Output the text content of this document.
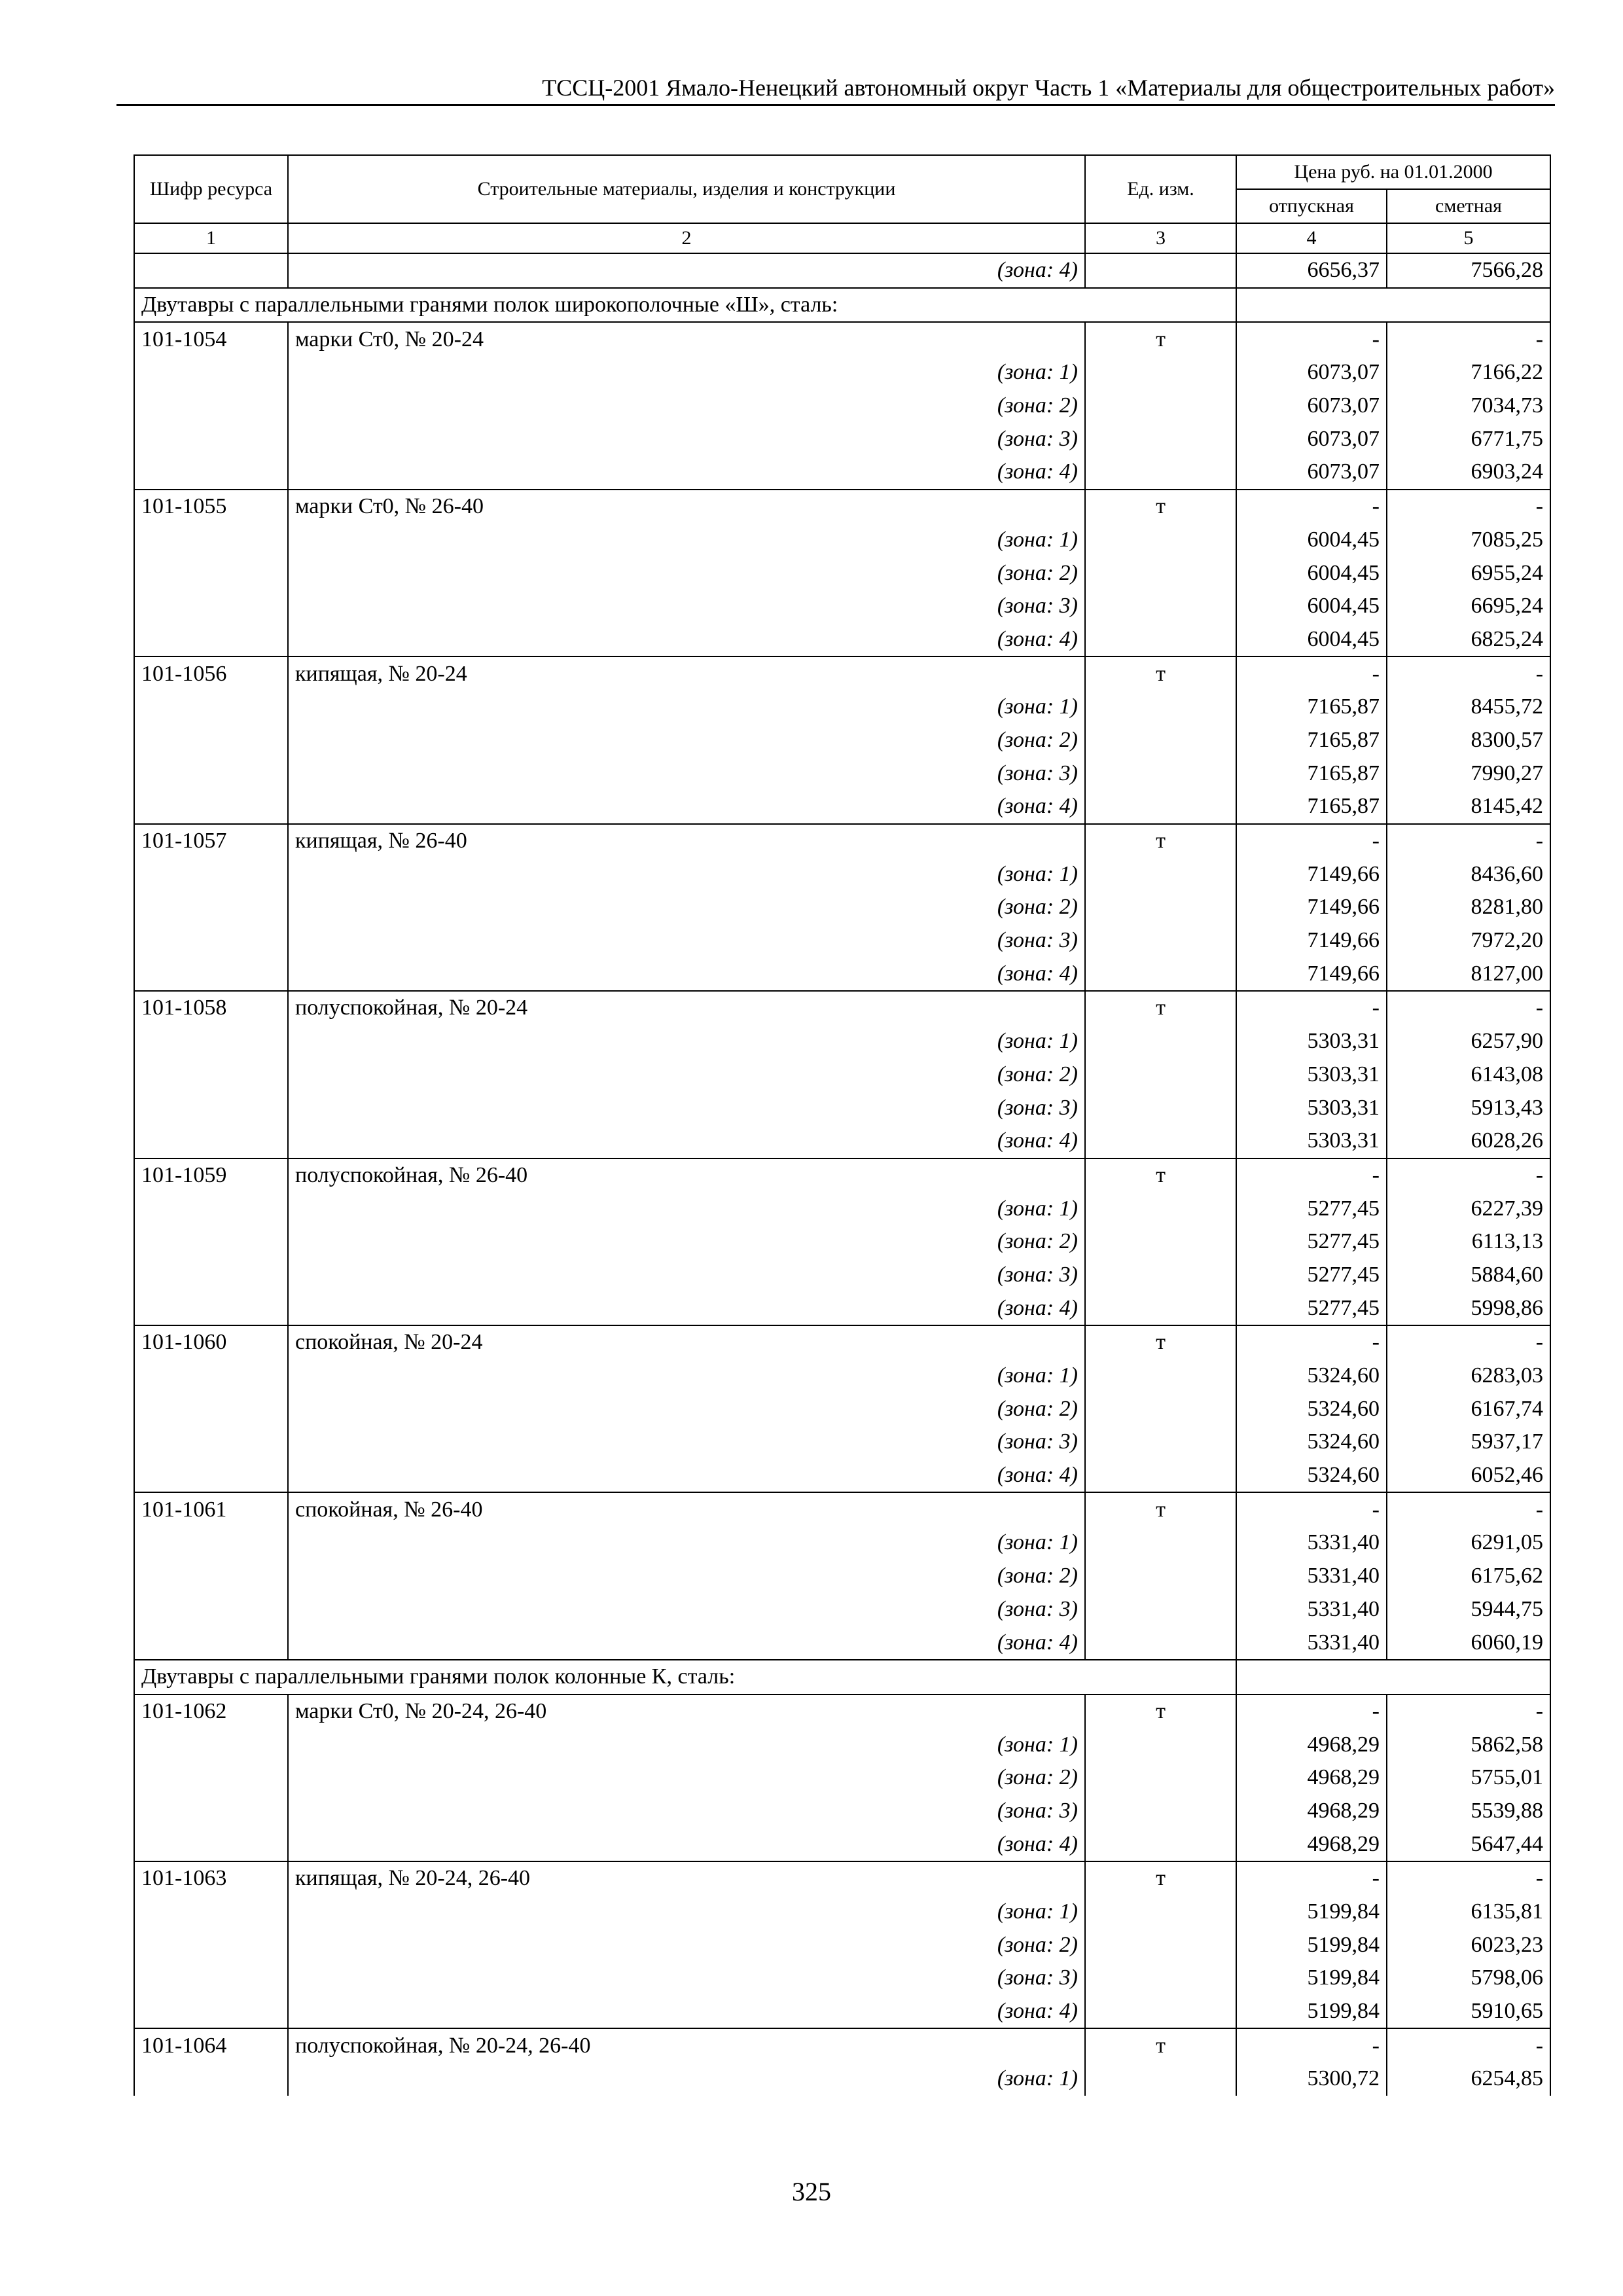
ТССЦ-2001 Ямало-Ненецкий автономный округ Часть 1 «Материалы для общестроительных работ»
Шифр ресурса	Строительные материалы, изделия и конструкции	Ед. изм.	Цена руб. на 01.01.2000	
			отпускная	сметная
1	2	3	4	5
	(зона: 4)		6656,37	7566,28
Двутавры с параллельными гранями полок широкополочные «Ш», сталь:				
101-1054	марки Ст0, № 20-24	т	-	-
	(зона: 1)		6073,07	7166,22
	(зона: 2)		6073,07	7034,73
	(зона: 3)		6073,07	6771,75
	(зона: 4)		6073,07	6903,24
101-1055	марки Ст0, № 26-40	т	-	-
	(зона: 1)		6004,45	7085,25
	(зона: 2)		6004,45	6955,24
	(зона: 3)		6004,45	6695,24
	(зона: 4)		6004,45	6825,24
101-1056	кипящая, № 20-24	т	-	-
	(зона: 1)		7165,87	8455,72
	(зона: 2)		7165,87	8300,57
	(зона: 3)		7165,87	7990,27
	(зона: 4)		7165,87	8145,42
101-1057	кипящая, № 26-40	т	-	-
	(зона: 1)		7149,66	8436,60
	(зона: 2)		7149,66	8281,80
	(зона: 3)		7149,66	7972,20
	(зона: 4)		7149,66	8127,00
101-1058	полуспокойная, № 20-24	т	-	-
	(зона: 1)		5303,31	6257,90
	(зона: 2)		5303,31	6143,08
	(зона: 3)		5303,31	5913,43
	(зона: 4)		5303,31	6028,26
101-1059	полуспокойная, № 26-40	т	-	-
	(зона: 1)		5277,45	6227,39
	(зона: 2)		5277,45	6113,13
	(зона: 3)		5277,45	5884,60
	(зона: 4)		5277,45	5998,86
101-1060	спокойная, № 20-24	т	-	-
	(зона: 1)		5324,60	6283,03
	(зона: 2)		5324,60	6167,74
	(зона: 3)		5324,60	5937,17
	(зона: 4)		5324,60	6052,46
101-1061	спокойная, № 26-40	т	-	-
	(зона: 1)		5331,40	6291,05
	(зона: 2)		5331,40	6175,62
	(зона: 3)		5331,40	5944,75
	(зона: 4)		5331,40	6060,19
Двутавры с параллельными гранями полок колонные К, сталь:				
101-1062	марки Ст0, № 20-24, 26-40	т	-	-
	(зона: 1)		4968,29	5862,58
	(зона: 2)		4968,29	5755,01
	(зона: 3)		4968,29	5539,88
	(зона: 4)		4968,29	5647,44
101-1063	кипящая, № 20-24, 26-40	т	-	-
	(зона: 1)		5199,84	6135,81
	(зона: 2)		5199,84	6023,23
	(зона: 3)		5199,84	5798,06
	(зона: 4)		5199,84	5910,65
101-1064	полуспокойная, № 20-24, 26-40	т	-	-
	(зона: 1)		5300,72	6254,85
325
